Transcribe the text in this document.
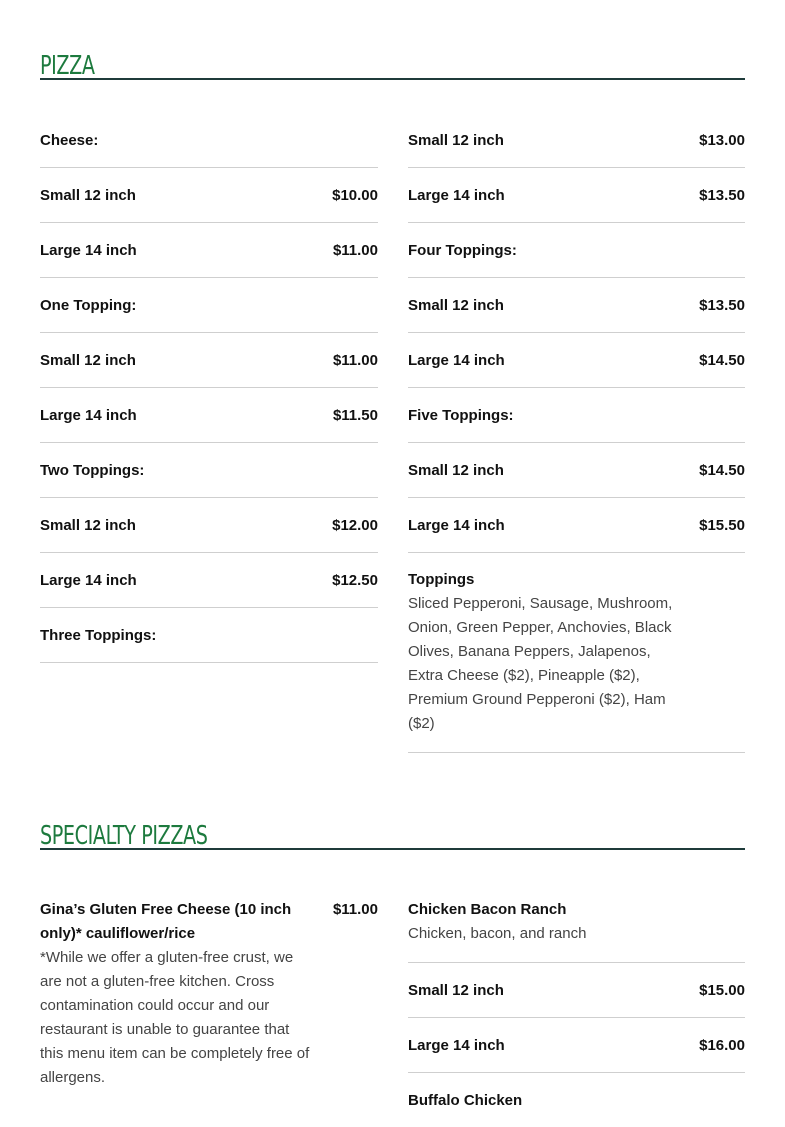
PIZZA
Cheese:
Small 12 inch	$10.00
Large 14 inch	$11.00
One Topping:
Small 12 inch	$11.00
Large 14 inch	$11.50
Two Toppings:
Small 12 inch	$12.00
Large 14 inch	$12.50
Three Toppings:
Small 12 inch	$13.00
Large 14 inch	$13.50
Four Toppings:
Small 12 inch	$13.50
Large 14 inch	$14.50
Five Toppings:
Small 12 inch	$14.50
Large 14 inch	$15.50
Toppings
Sliced Pepperoni, Sausage, Mushroom, Onion, Green Pepper, Anchovies, Black Olives, Banana Peppers, Jalapenos, Extra Cheese ($2), Pineapple ($2), Premium Ground Pepperoni ($2), Ham ($2)
SPECIALTY PIZZAS
Gina’s Gluten Free Cheese (10 inch only)* cauliflower/rice
$11.00
*While we offer a gluten-free crust, we are not a gluten-free kitchen. Cross contamination could occur and our restaurant is unable to guarantee that this menu item can be completely free of allergens.
Chicken Bacon Ranch
Chicken, bacon, and ranch
Small 12 inch	$15.00
Large 14 inch	$16.00
Buffalo Chicken
